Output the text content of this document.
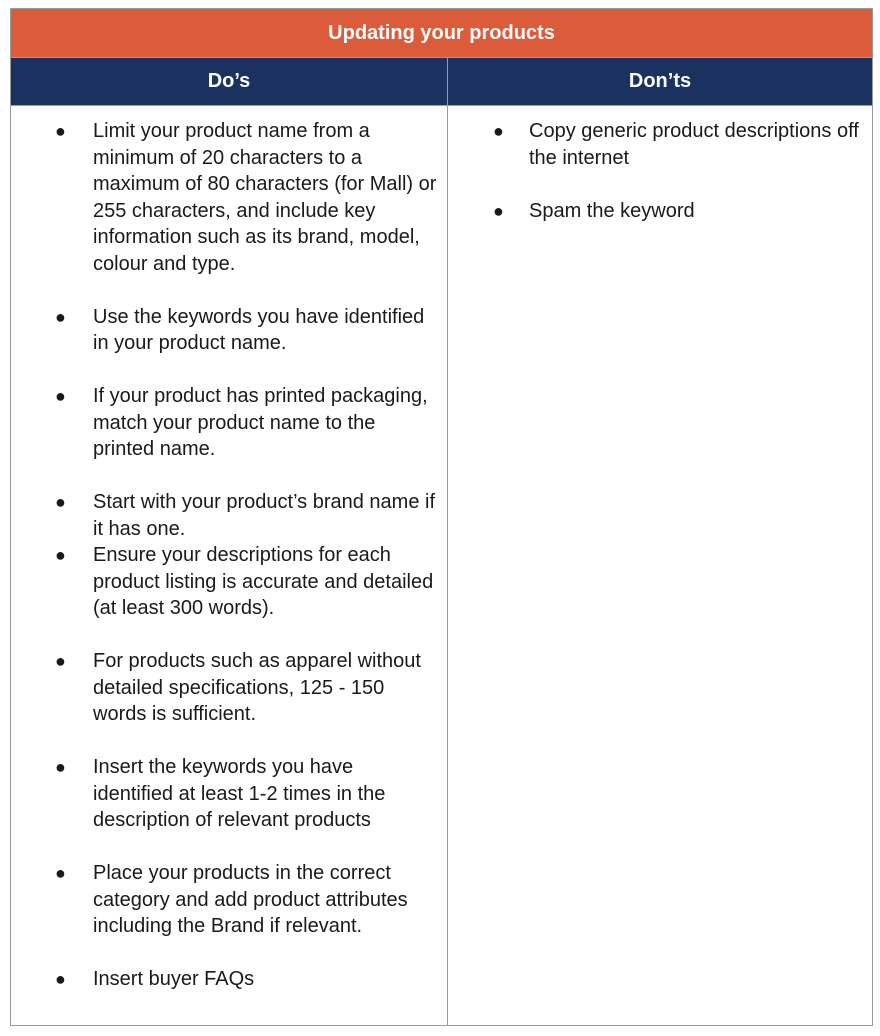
Updating your products
Do’s	Don’ts
● Limit your product name from a minimum of 20 characters to a maximum of 80 characters (for Mall) or 255 characters, and include key information such as its brand, model, colour and type.
● Use the keywords you have identified in your product name.
● If your product has printed packaging, match your product name to the printed name.
● Start with your product’s brand name if it has one.
● Ensure your descriptions for each product listing is accurate and detailed (at least 300 words).
● For products such as apparel without detailed specifications, 125 - 150 words is sufficient.
● Insert the keywords you have identified at least 1-2 times in the description of relevant products
● Place your products in the correct category and add product attributes including the Brand if relevant.
● Insert buyer FAQs
● Copy generic product descriptions off the internet
● Spam the keyword
